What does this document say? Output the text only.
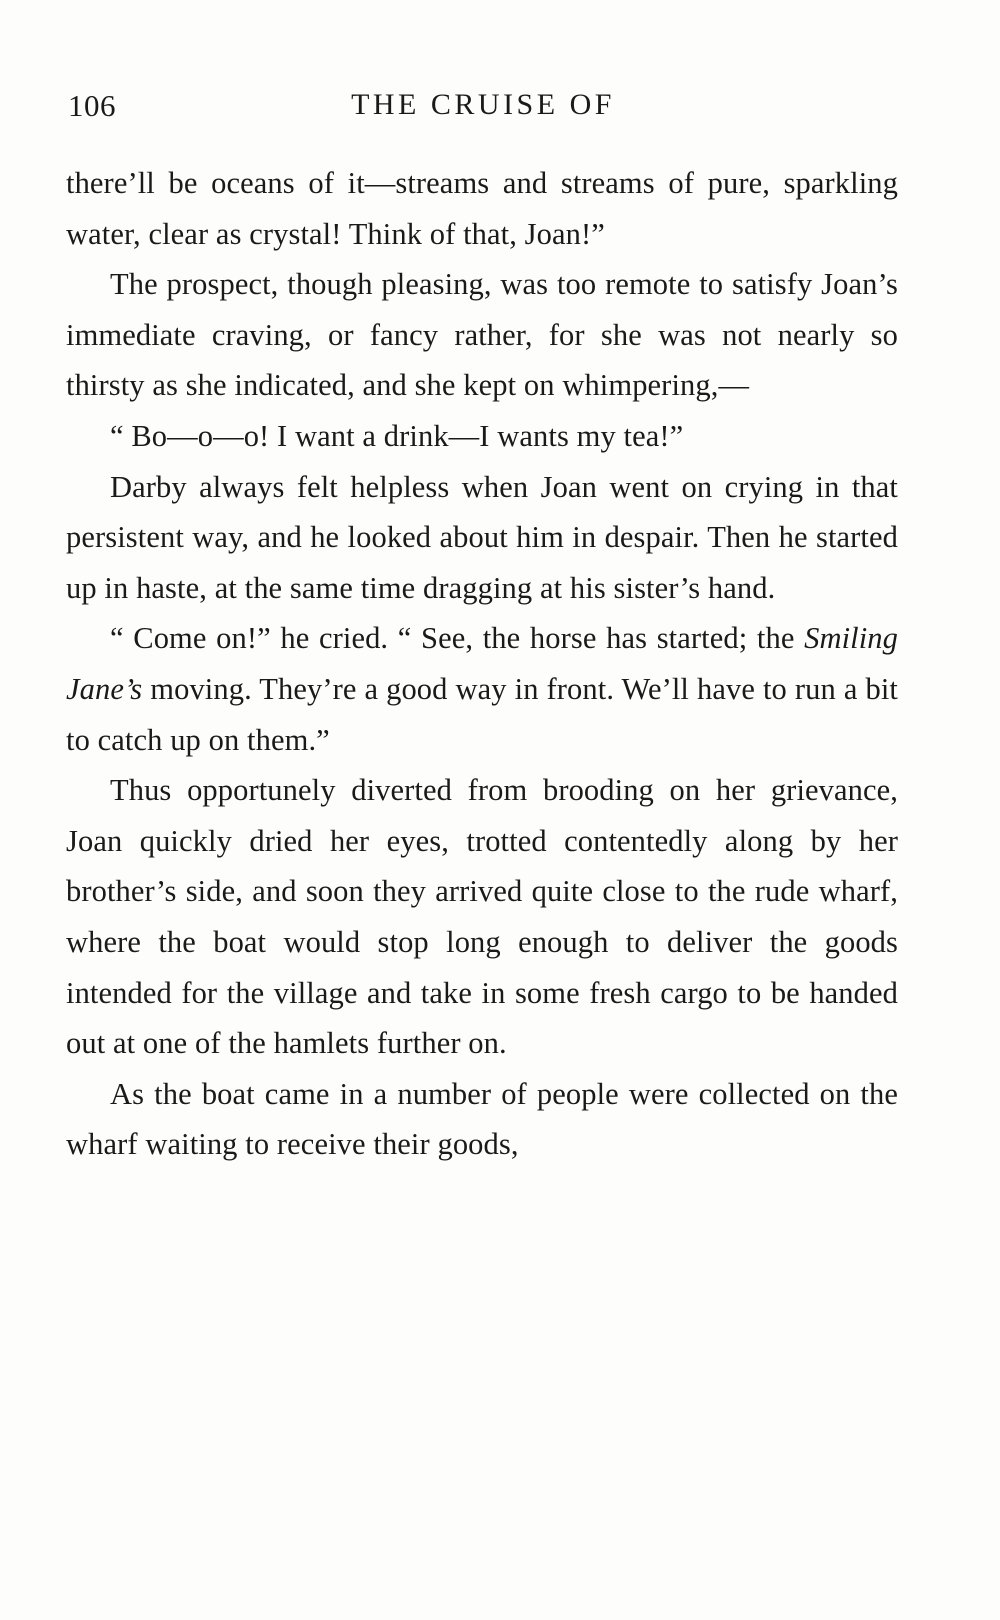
THE CRUISE OF
106

there’ll be oceans of it—streams and streams of pure, sparkling water, clear as crystal! Think of that, Joan!”

The prospect, though pleasing, was too remote to satisfy Joan’s immediate craving, or fancy rather, for she was not nearly so thirsty as she indicated, and she kept on whimpering,—

“ Bo—o—o! I want a drink—I wants my tea!”

Darby always felt helpless when Joan went on crying in that persistent way, and he looked about him in despair. Then he started up in haste, at the same time dragging at his sister’s hand.

“ Come on!” he cried. “ See, the horse has started; the Smiling Jane’s moving. They’re a good way in front. We’ll have to run a bit to catch up on them.”

Thus opportunely diverted from brooding on her grievance, Joan quickly dried her eyes, trotted contentedly along by her brother’s side, and soon they arrived quite close to the rude wharf, where the boat would stop long enough to deliver the goods intended for the village and take in some fresh cargo to be handed out at one of the hamlets further on.

As the boat came in a number of people were collected on the wharf waiting to receive their goods,
